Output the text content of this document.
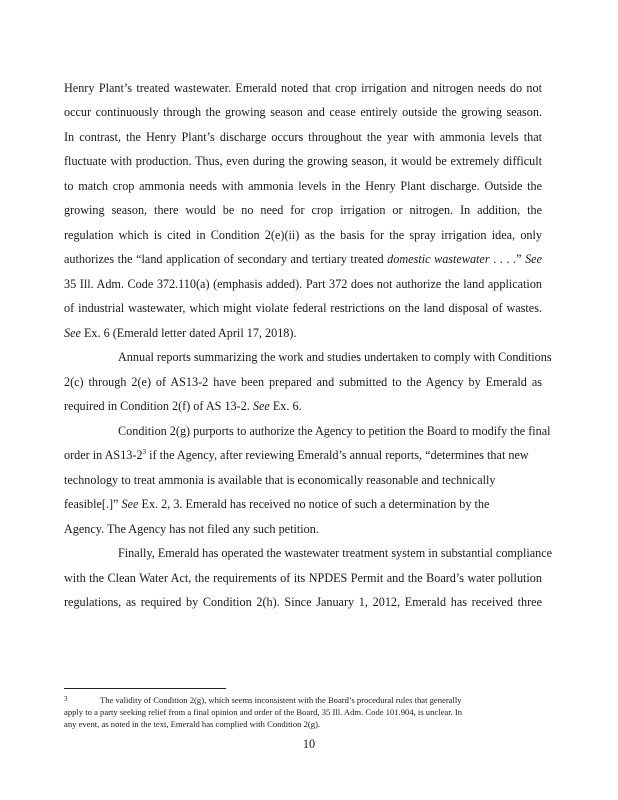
Henry Plant’s treated wastewater. Emerald noted that crop irrigation and nitrogen needs do not
occur continuously through the growing season and cease entirely outside the growing season.
In contrast, the Henry Plant’s discharge occurs throughout the year with ammonia levels that
fluctuate with production. Thus, even during the growing season, it would be extremely difficult
to match crop ammonia needs with ammonia levels in the Henry Plant discharge. Outside the
growing season, there would be no need for crop irrigation or nitrogen. In addition, the
regulation which is cited in Condition 2(e)(ii) as the basis for the spray irrigation idea, only
authorizes the “land application of secondary and tertiary treated domestic wastewater . . . .” See
35 Ill. Adm. Code 372.110(a) (emphasis added). Part 372 does not authorize the land application
of industrial wastewater, which might violate federal restrictions on the land disposal of wastes.
See Ex. 6 (Emerald letter dated April 17, 2018).
Annual reports summarizing the work and studies undertaken to comply with Conditions
2(c) through 2(e) of AS13-2 have been prepared and submitted to the Agency by Emerald as
required in Condition 2(f) of AS 13-2. See Ex. 6.
Condition 2(g) purports to authorize the Agency to petition the Board to modify the final
order in $AS13-2^3$ if the Agency, after reviewing Emerald’s annual reports, “determines that new
technology to treat ammonia is available that is economically reasonable and technically
feasible[.]” See Ex. 2, 3. Emerald has received no notice of such a determination by the
Agency. The Agency has not filed any such petition.
Finally, Emerald has operated the wastewater treatment system in substantial compliance
with the Clean Water Act, the requirements of its NPDES Permit and the Board’s water pollution
regulations, as required by Condition 2(h). Since January 1, 2012, Emerald has received three
3	The validity of Condition 2(g), which seems inconsistent with the Board’s procedural rules that generally
apply to a party seeking relief from a final opinion and order of the Board, 35 Ill. Adm. Code 101.904, is unclear. In
any event, as noted in the text, Emerald has complied with Condition 2(g).
10
